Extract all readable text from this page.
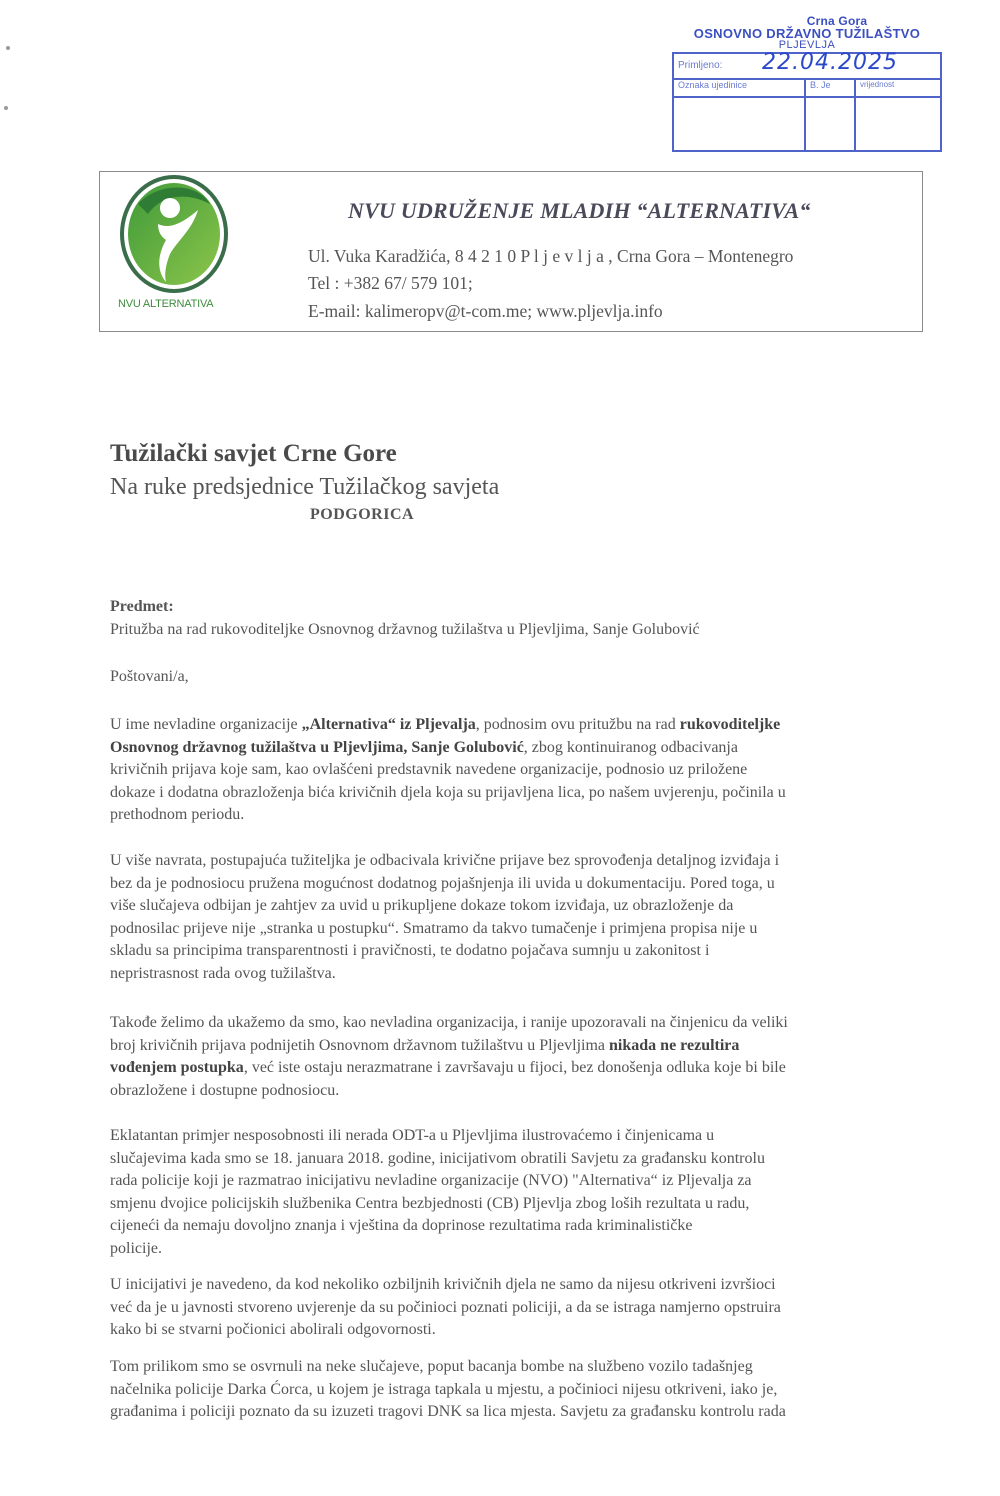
Crna Gora
OSNOVNO DRŽAVNO TUŽILAŠTVO
PLJEVLJA
Primljeno: 22.04.2025
Oznaka ujedinice	B. Je	vrijednost
NVU ALTERNATIVA
NVU UDRUŽENJE MLADIH “ALTERNATIVA“
Ul. Vuka Karadžića, 8 4 2 1 0 P l j e v l j a , Crna Gora – Montenegro
Tel : +382 67/ 579 101;
E-mail: kalimeropv@t-com.me; www.pljevlja.info
Tužilački savjet Crne Gore
Na ruke predsjednice Tužilačkog savjeta
PODGORICA
Predmet:
Pritužba na rad rukovoditeljke Osnovnog državnog tužilaštva u Pljevljima, Sanje Golubović
Poštovani/a,
U ime nevladine organizacije „Alternativa“ iz Pljevalja, podnosim ovu pritužbu na rad rukovoditeljke
Osnovnog državnog tužilaštva u Pljevljima, Sanje Golubović, zbog kontinuiranog odbacivanja
krivičnih prijava koje sam, kao ovlašćeni predstavnik navedene organizacije, podnosio uz priložene
dokaze i dodatna obrazloženja bića krivičnih djela koja su prijavljena lica, po našem uvjerenju, počinila u
prethodnom periodu.
U više navrata, postupajuća tužiteljka je odbacivala krivične prijave bez sprovođenja detaljnog izviđaja i
bez da je podnosiocu pružena mogućnost dodatnog pojašnjenja ili uvida u dokumentaciju. Pored toga, u
više slučajeva odbijan je zahtjev za uvid u prikupljene dokaze tokom izviđaja, uz obrazloženje da
podnosilac prijeve nije „stranka u postupku“. Smatramo da takvo tumačenje i primjena propisa nije u
skladu sa principima transparentnosti i pravičnosti, te dodatno pojačava sumnju u zakonitost i
nepristrasnost rada ovog tužilaštva.
Takođe želimo da ukažemo da smo, kao nevladina organizacija, i ranije upozoravali na činjenicu da veliki
broj krivičnih prijava podnijetih Osnovnom državnom tužilaštvu u Pljevljima nikada ne rezultira
vođenjem postupka, već iste ostaju nerazmatrane i završavaju u fijoci, bez donošenja odluka koje bi bile
obrazložene i dostupne podnosiocu.
Eklatantan primjer nesposobnosti ili nerada ODT-a u Pljevljima ilustrovaćemo i činjenicama u
slučajevima kada smo se 18. januara 2018. godine, inicijativom obratili Savjetu za građansku kontrolu
rada policije koji je razmatrao inicijativu nevladine organizacije (NVO) "Alternativa“ iz Pljevalja za
smjenu dvojice policijskih službenika Centra bezbjednosti (CB) Pljevlja zbog loših rezultata u radu,
cijeneći da nemaju dovoljno znanja i vještina da doprinose rezultatima rada kriminalističke
policije.
U inicijativi je navedeno, da kod nekoliko ozbiljnih krivičnih djela ne samo da nijesu otkriveni izvršioci
već da je u javnosti stvoreno uvjerenje da su počinioci poznati policiji, a da se istraga namjerno opstruira
kako bi se stvarni počionici abolirali odgovornosti.
Tom prilikom smo se osvrnuli na neke slučajeve, poput bacanja bombe na službeno vozilo tadašnjeg
načelnika policije Darka Ćorca, u kojem je istraga tapkala u mjestu, a počinioci nijesu otkriveni, iako je,
građanima i policiji poznato da su izuzeti tragovi DNK sa lica mjesta. Savjetu za građansku kontrolu rada
